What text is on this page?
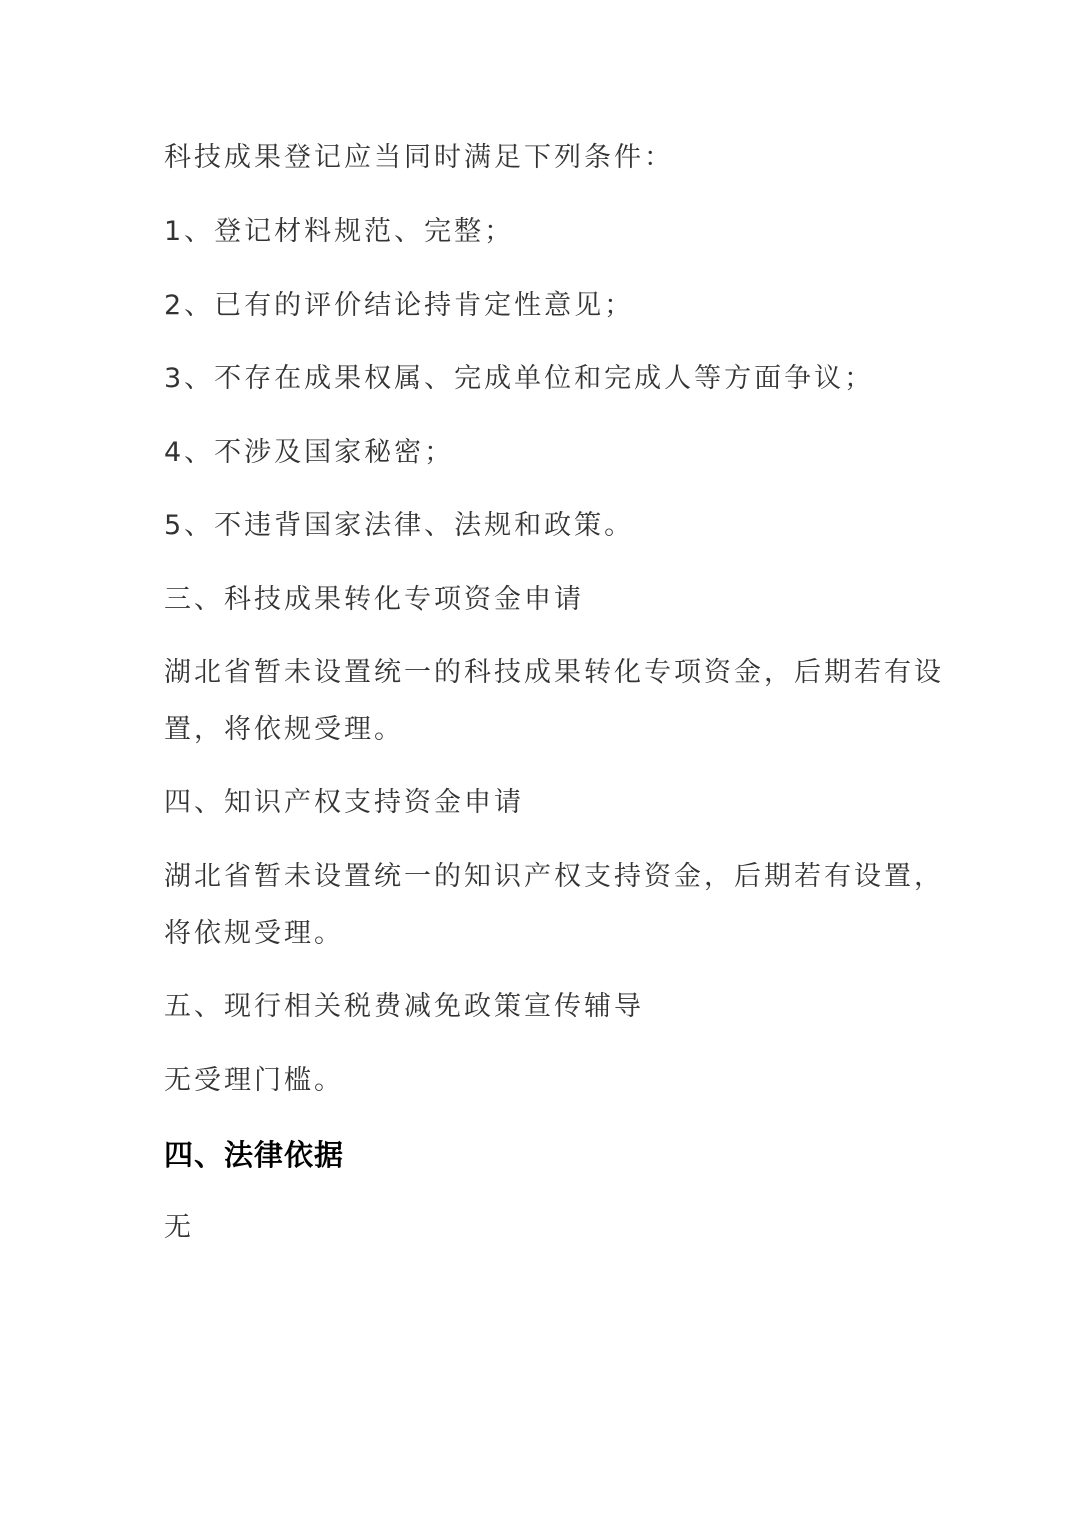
科技成果登记应当同时满足下列条件：
1、登记材料规范、完整；
2、已有的评价结论持肯定性意见；
3、不存在成果权属、完成单位和完成人等方面争议；
4、不涉及国家秘密；
5、不违背国家法律、法规和政策。
三、科技成果转化专项资金申请
湖北省暂未设置统一的科技成果转化专项资金，后期若有设
置，将依规受理。
四、知识产权支持资金申请
湖北省暂未设置统一的知识产权支持资金，后期若有设置，
将依规受理。
五、现行相关税费减免政策宣传辅导
无受理门槛。
四、法律依据
无
